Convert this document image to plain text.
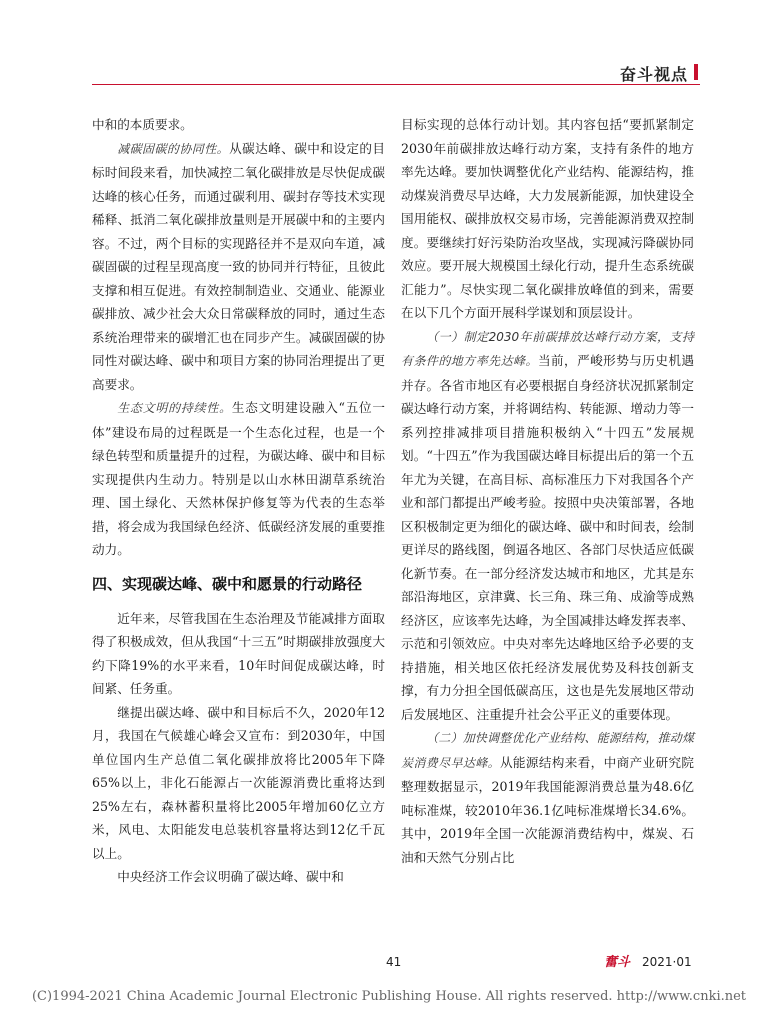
奋斗视点

中和的本质要求。

减碳固碳的协同性。从碳达峰、碳中和设定的目标时间段来看，加快减控二氧化碳排放是尽快促成碳达峰的核心任务，而通过碳利用、碳封存等技术实现稀释、抵消二氧化碳排放量则是开展碳中和的主要内容。不过，两个目标的实现路径并不是双向车道，减碳固碳的过程呈现高度一致的协同并行特征，且彼此支撑和相互促进。有效控制制造业、交通业、能源业碳排放、减少社会大众日常碳释放的同时，通过生态系统治理带来的碳增汇也在同步产生。减碳固碳的协同性对碳达峰、碳中和项目方案的协同治理提出了更高要求。

生态文明的持续性。生态文明建设融入“五位一体”建设布局的过程既是一个生态化过程，也是一个绿色转型和质量提升的过程，为碳达峰、碳中和目标实现提供内生动力。特别是以山水林田湖草系统治理、国土绿化、天然林保护修复等为代表的生态举措，将会成为我国绿色经济、低碳经济发展的重要推动力。

四、实现碳达峰、碳中和愿景的行动路径

近年来，尽管我国在生态治理及节能减排方面取得了积极成效，但从我国“十三五”时期碳排放强度大约下降19%的水平来看，10年时间促成碳达峰，时间紧、任务重。

继提出碳达峰、碳中和目标后不久，2020年12月，我国在气候雄心峰会又宣布：到2030年，中国单位国内生产总值二氧化碳排放将比2005年下降65%以上，非化石能源占一次能源消费比重将达到25%左右，森林蓄积量将比2005年增加60亿立方米，风电、太阳能发电总装机容量将达到12亿千瓦以上。

中央经济工作会议明确了碳达峰、碳中和

目标实现的总体行动计划。其内容包括“要抓紧制定2030年前碳排放达峰行动方案，支持有条件的地方率先达峰。要加快调整优化产业结构、能源结构，推动煤炭消费尽早达峰，大力发展新能源，加快建设全国用能权、碳排放权交易市场，完善能源消费双控制度。要继续打好污染防治攻坚战，实现减污降碳协同效应。要开展大规模国土绿化行动，提升生态系统碳汇能力”。尽快实现二氧化碳排放峰值的到来，需要在以下几个方面开展科学谋划和顶层设计。

（一）制定2030年前碳排放达峰行动方案，支持有条件的地方率先达峰。当前，严峻形势与历史机遇并存。各省市地区有必要根据自身经济状况抓紧制定碳达峰行动方案，并将调结构、转能源、增动力等一系列控排减排项目措施积极纳入“十四五”发展规划。“十四五”作为我国碳达峰目标提出后的第一个五年尤为关键，在高目标、高标准压力下对我国各个产业和部门都提出严峻考验。按照中央决策部署，各地区积极制定更为细化的碳达峰、碳中和时间表，绘制更详尽的路线图，倒逼各地区、各部门尽快适应低碳化新节奏。在一部分经济发达城市和地区，尤其是东部沿海地区，京津冀、长三角、珠三角、成渝等成熟经济区，应该率先达峰，为全国减排达峰发挥表率、示范和引领效应。中央对率先达峰地区给予必要的支持措施，相关地区依托经济发展优势及科技创新支撑，有力分担全国低碳高压，这也是先发展地区带动后发展地区、注重提升社会公平正义的重要体现。

（二）加快调整优化产业结构、能源结构，推动煤炭消费尽早达峰。从能源结构来看，中商产业研究院整理数据显示，2019年我国能源消费总量为48.6亿吨标准煤，较2010年36.1亿吨标准煤增长34.6%。其中，2019年全国一次能源消费结构中，煤炭、石油和天然气分别占比

41	奮斗 2021·01
(C)1994-2021 China Academic Journal Electronic Publishing House. All rights reserved. http://www.cnki.net
